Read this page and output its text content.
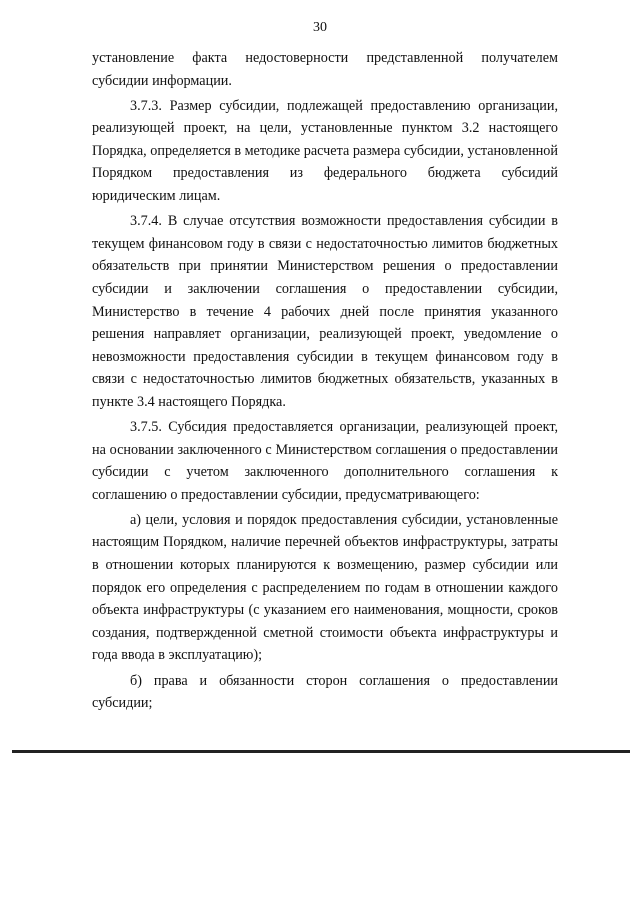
30

установление факта недостоверности представленной получателем субсидии информации.

3.7.3. Размер субсидии, подлежащей предоставлению организации, реализующей проект, на цели, установленные пунктом 3.2 настоящего Порядка, определяется в методике расчета размера субсидии, установленной Порядком предоставления из федерального бюджета субсидий юридическим лицам.

3.7.4. В случае отсутствия возможности предоставления субсидии в текущем финансовом году в связи с недостаточностью лимитов бюджетных обязательств при принятии Министерством решения о предоставлении субсидии и заключении соглашения о предоставлении субсидии, Министерство в течение 4 рабочих дней после принятия указанного решения направляет организации, реализующей проект, уведомление о невозможности предоставления субсидии в текущем финансовом году в связи с недостаточностью лимитов бюджетных обязательств, указанных в пункте 3.4 настоящего Порядка.

3.7.5. Субсидия предоставляется организации, реализующей проект, на основании заключенного с Министерством соглашения о предоставлении субсидии с учетом заключенного дополнительного соглашения к соглашению о предоставлении субсидии, предусматривающего:

а) цели, условия и порядок предоставления субсидии, установленные настоящим Порядком, наличие перечней объектов инфраструктуры, затраты в отношении которых планируются к возмещению, размер субсидии или порядок его определения с распределением по годам в отношении каждого объекта инфраструктуры (с указанием его наименования, мощности, сроков создания, подтвержденной сметной стоимости объекта инфраструктуры и года ввода в эксплуатацию);

б) права и обязанности сторон соглашения о предоставлении субсидии;
